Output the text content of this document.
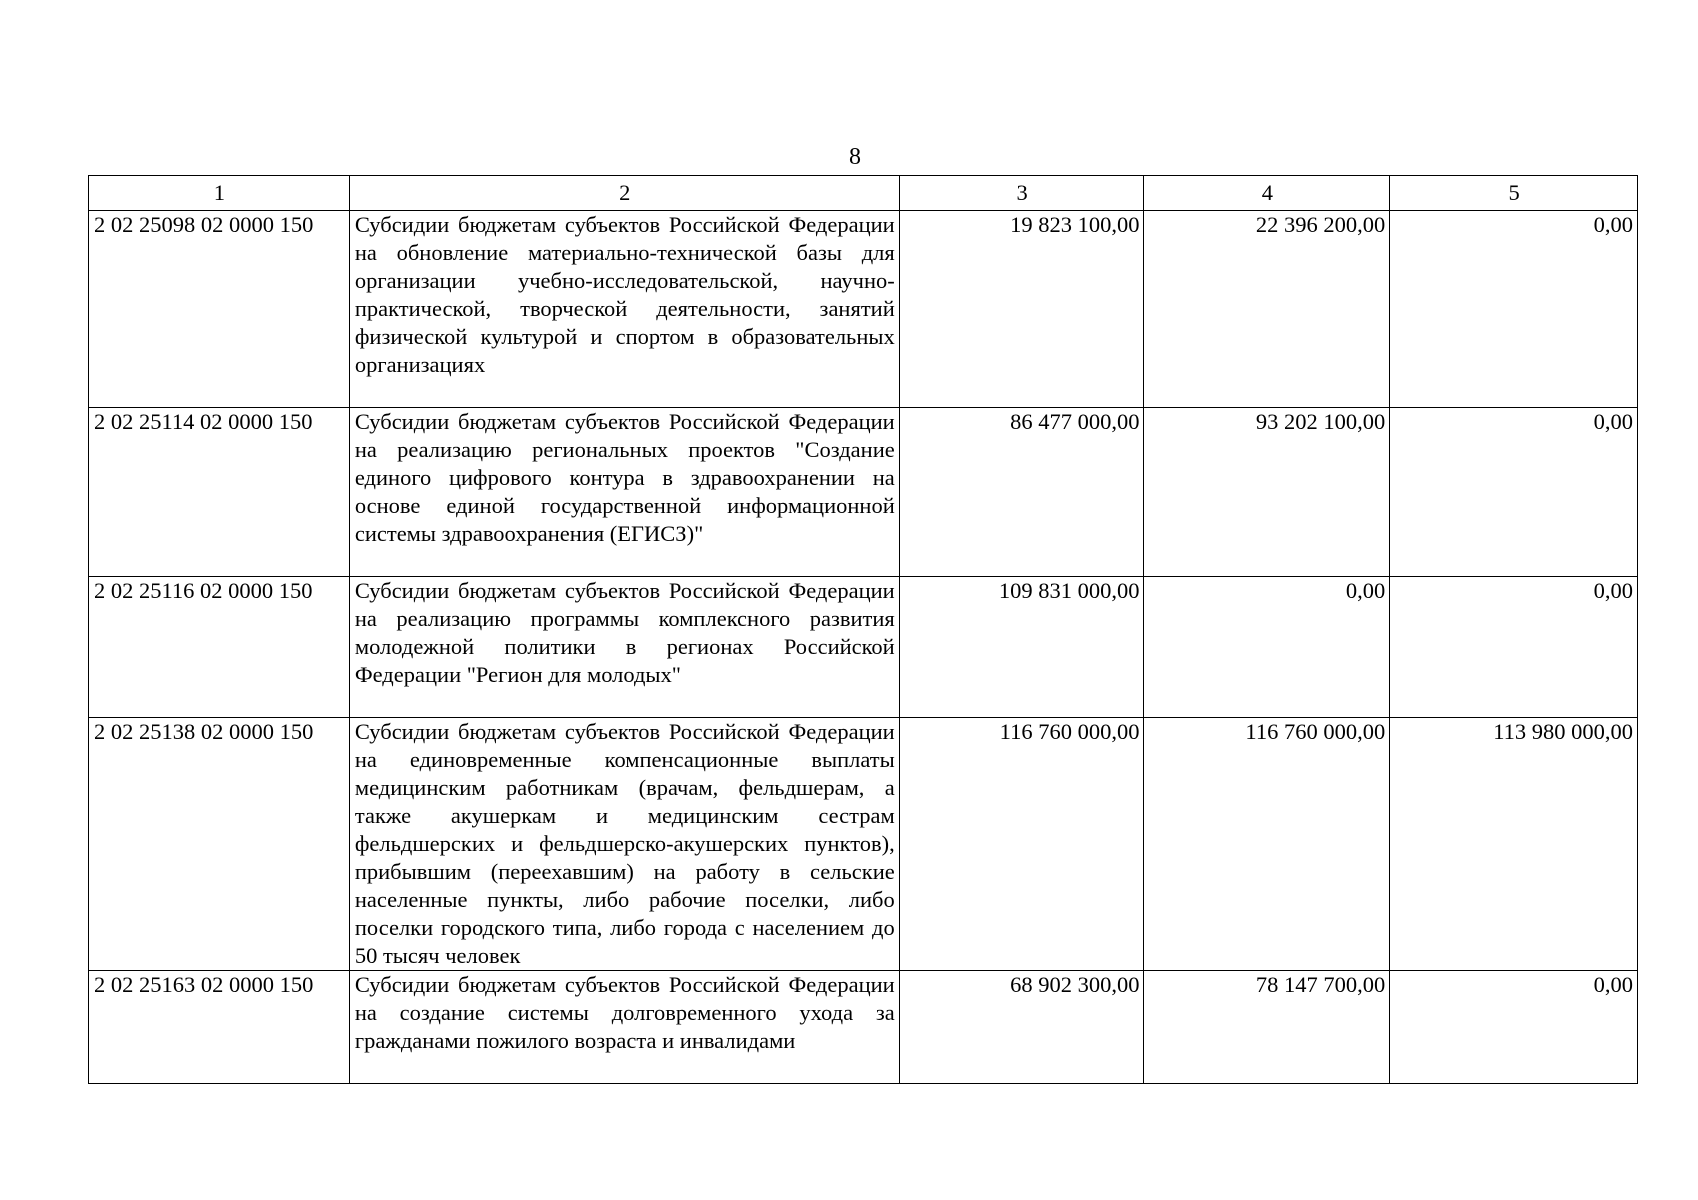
8
1	2	3	4	5
2 02 25098 02 0000 150	Субсидии бюджетам субъектов Российской Федерации на обновление материально-технической базы для организации учебно-исследовательской, научно-практической, творческой деятельности, занятий физической культурой и спортом в образовательных организациях	19 823 100,00	22 396 200,00	0,00
2 02 25114 02 0000 150	Субсидии бюджетам субъектов Российской Федерации на реализацию региональных проектов "Создание единого цифрового контура в здравоохранении на основе единой государственной информационной системы здравоохранения (ЕГИСЗ)"	86 477 000,00	93 202 100,00	0,00
2 02 25116 02 0000 150	Субсидии бюджетам субъектов Российской Федерации на реализацию программы комплексного развития молодежной политики в регионах Российской Федерации "Регион для молодых"	109 831 000,00	0,00	0,00
2 02 25138 02 0000 150	Субсидии бюджетам субъектов Российской Федерации на единовременные компенсационные выплаты медицинским работникам (врачам, фельдшерам, а также акушеркам и медицинским сестрам фельдшерских и фельдшерско-акушерских пунктов), прибывшим (переехавшим) на работу в сельские населенные пункты, либо рабочие поселки, либо поселки городского типа, либо города с населением до 50 тысяч человек	116 760 000,00	116 760 000,00	113 980 000,00
2 02 25163 02 0000 150	Субсидии бюджетам субъектов Российской Федерации на создание системы долговременного ухода за гражданами пожилого возраста и инвалидами	68 902 300,00	78 147 700,00	0,00
